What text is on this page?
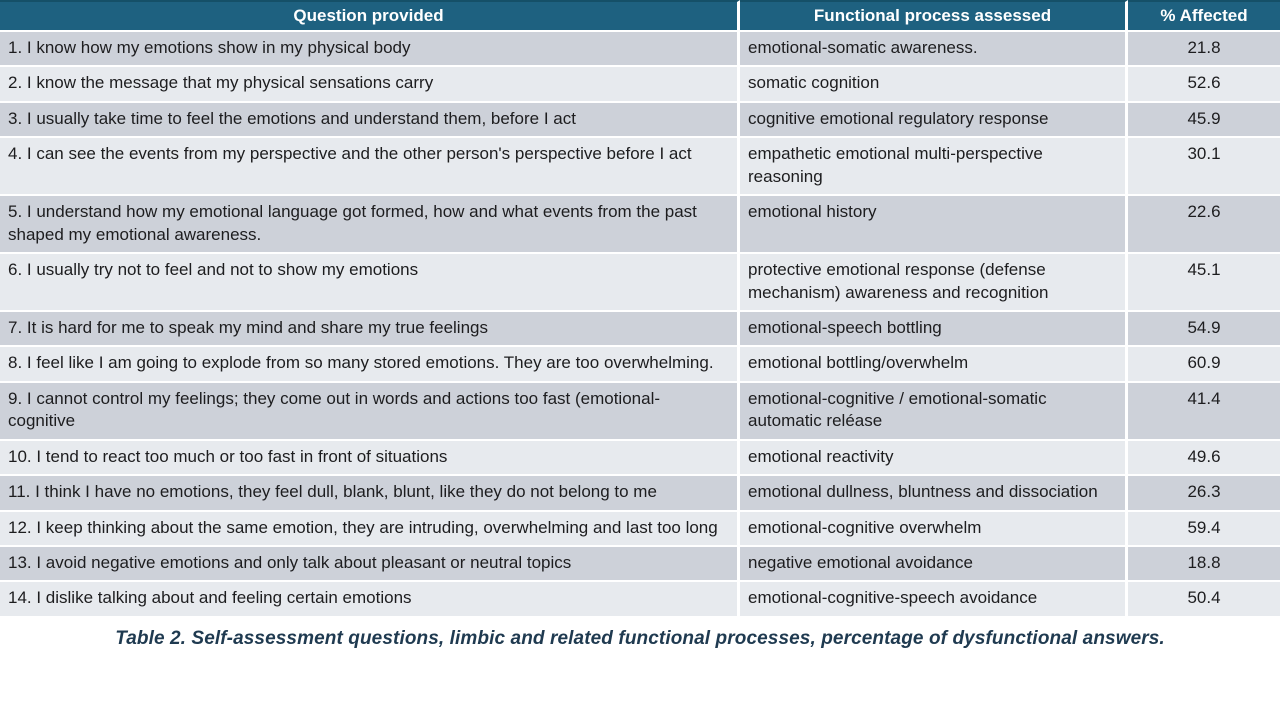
Question provided	Functional process assessed	% Affected
1. I know how my emotions show in my physical body	emotional-somatic awareness.	21.8
2. I know the message that my physical sensations carry	somatic cognition	52.6
3. I usually take time to feel the emotions and understand them, before I act	cognitive emotional regulatory response	45.9
4. I can see the events from my perspective and the other person's perspective before I act	empathetic emotional multi-perspective reasoning	30.1
5. I understand how my emotional language got formed, how and what events from the past shaped my emotional awareness.	emotional history	22.6
6. I usually try not to feel and not to show my emotions	protective emotional response (defense mechanism) awareness and recognition	45.1
7. It is hard for me to speak my mind and share my true feelings	emotional-speech bottling	54.9
8. I feel like I am going to explode from so many stored emotions. They are too overwhelming.	emotional bottling/overwhelm	60.9
9. I cannot control my feelings; they come out in words and actions too fast (emotional-cognitive	emotional-cognitive / emotional-somatic automatic reléase	41.4
10. I tend to react too much or too fast in front of situations	emotional reactivity	49.6
11. I think I have no emotions, they feel dull, blank, blunt, like they do not belong to me	emotional dullness, bluntness and dissociation	26.3
12. I keep thinking about the same emotion, they are intruding, overwhelming and last too long	emotional-cognitive overwhelm	59.4
13. I avoid negative emotions and only talk about pleasant or neutral topics	negative emotional avoidance	18.8
14. I dislike talking about and feeling certain emotions	emotional-cognitive-speech avoidance	50.4
Table 2. Self-assessment questions, limbic and related functional processes, percentage of dysfunctional answers.
